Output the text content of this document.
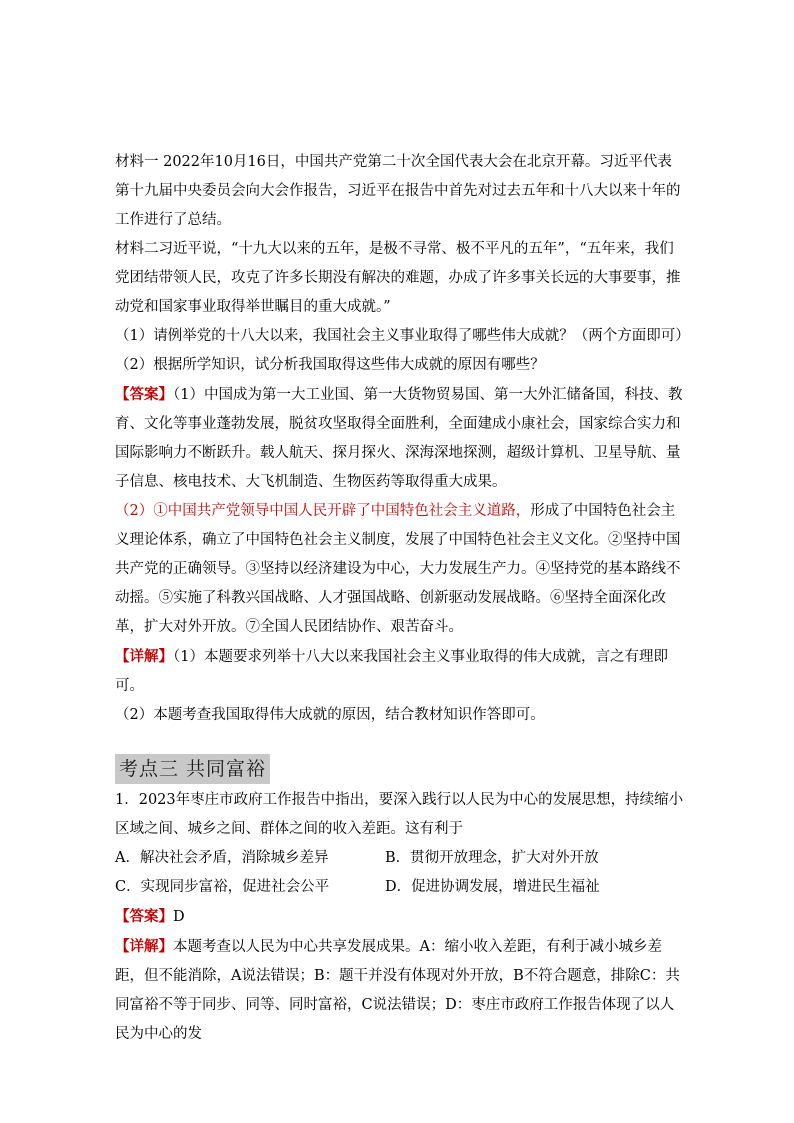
材料一 2022年10月16日，中国共产党第二十次全国代表大会在北京开幕。习近平代表第十九届中央委员会向大会作报告，习近平在报告中首先对过去五年和十八大以来十年的工作进行了总结。

材料二习近平说，“十九大以来的五年，是极不寻常、极不平凡的五年”，“五年来，我们党团结带领人民，攻克了许多长期没有解决的难题，办成了许多事关长远的大事要事，推动党和国家事业取得举世瞩目的重大成就。”

（1）请例举党的十八大以来，我国社会主义事业取得了哪些伟大成就？（两个方面即可）

（2）根据所学知识，试分析我国取得这些伟大成就的原因有哪些？

【答案】（1）中国成为第一大工业国、第一大货物贸易国、第一大外汇储备国，科技、教育、文化等事业蓬勃发展，脱贫攻坚取得全面胜利，全面建成小康社会，国家综合实力和国际影响力不断跃升。载人航天、探月探火、深海深地探测，超级计算机、卫星导航、量子信息、核电技术、大飞机制造、生物医药等取得重大成果。

（2）①中国共产党领导中国人民开辟了中国特色社会主义道路，形成了中国特色社会主义理论体系，确立了中国特色社会主义制度，发展了中国特色社会主义文化。②坚持中国共产党的正确领导。③坚持以经济建设为中心，大力发展生产力。④坚持党的基本路线不动摇。⑤实施了科教兴国战略、人才强国战略、创新驱动发展战略。⑥坚持全面深化改革，扩大对外开放。⑦全国人民团结协作、艰苦奋斗。

【详解】（1）本题要求列举十八大以来我国社会主义事业取得的伟大成就，言之有理即可。

（2）本题考查我国取得伟大成就的原因，结合教材知识作答即可。

考点三 共同富裕

1．2023年枣庄市政府工作报告中指出，要深入践行以人民为中心的发展思想，持续缩小区域之间、城乡之间、群体之间的收入差距。这有利于

A．解决社会矛盾，消除城乡差异	B．贯彻开放理念，扩大对外开放
C．实现同步富裕，促进社会公平	D．促进协调发展，增进民生福祉

【答案】D

【详解】本题考查以人民为中心共享发展成果。A：缩小收入差距，有利于减小城乡差距，但不能消除，A说法错误；B：题干并没有体现对外开放，B不符合题意，排除C：共同富裕不等于同步、同等、同时富裕，C说法错误；D：枣庄市政府工作报告体现了以人民为中心的发
